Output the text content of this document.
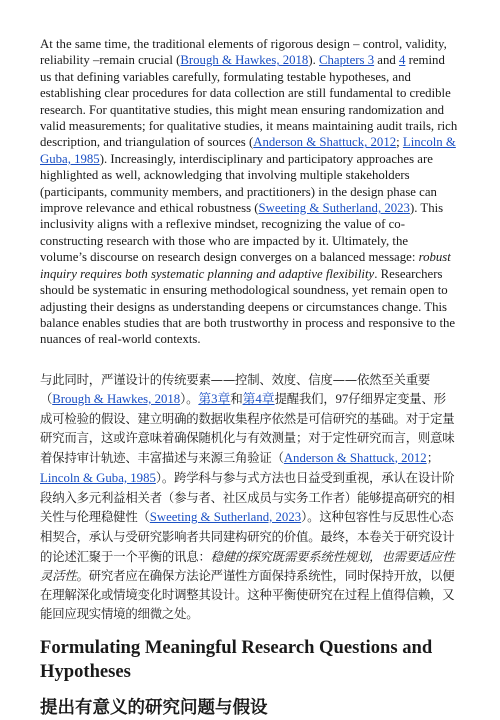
At the same time, the traditional elements of rigorous design – control, validity, reliability –remain crucial (Brough & Hawkes, 2018). Chapters 3 and 4 remind us that defining variables carefully, formulating testable hypotheses, and establishing clear procedures for data collection are still fundamental to credible research. For quantitative studies, this might mean ensuring randomization and valid measurements; for qualitative studies, it means maintaining audit trails, rich description, and triangulation of sources (Anderson & Shattuck, 2012; Lincoln & Guba, 1985). Increasingly, interdisciplinary and participatory approaches are highlighted as well, acknowledging that involving multiple stakeholders (participants, community members, and practitioners) in the design phase can improve relevance and ethical robustness (Sweeting & Sutherland, 2023). This inclusivity aligns with a reflexive mindset, recognizing the value of co-constructing research with those who are impacted by it. Ultimately, the volume’s discourse on research design converges on a balanced message: robust inquiry requires both systematic planning and adaptive flexibility. Researchers should be systematic in ensuring methodological soundness, yet remain open to adjusting their designs as understanding deepens or circumstances change. This balance enables studies that are both trustworthy in process and responsive to the nuances of real-world contexts.

与此同时，严谨设计的传统要素——控制、效度、信度——依然至关重要（Brough & Hawkes, 2018）。第3章和第4章提醒我们，97仔细界定变量、形成可检验的假设、建立明确的数据收集程序依然是可信研究的基础。对于定量研究而言，这或许意味着确保随机化与有效测量；对于定性研究而言，则意味着保持审计轨迹、丰富描述与来源三角验证（Anderson & Shattuck, 2012；Lincoln & Guba, 1985）。跨学科与参与式方法也日益受到重视，承认在设计阶段纳入多元利益相关者（参与者、社区成员与实务工作者）能够提高研究的相关性与伦理稳健性（Sweeting & Sutherland, 2023）。这种包容性与反思性心态相契合，承认与受研究影响者共同建构研究的价值。最终，本卷关于研究设计的论述汇聚于一个平衡的讯息：稳健的探究既需要系统性规划，也需要适应性灵活性。研究者应在确保方法论严谨性方面保持系统性，同时保持开放，以便在理解深化或情境变化时调整其设计。这种平衡使研究在过程上值得信赖，又能回应现实情境的细微之处。

Formulating Meaningful Research Questions and Hypotheses
提出有意义的研究问题与假设
